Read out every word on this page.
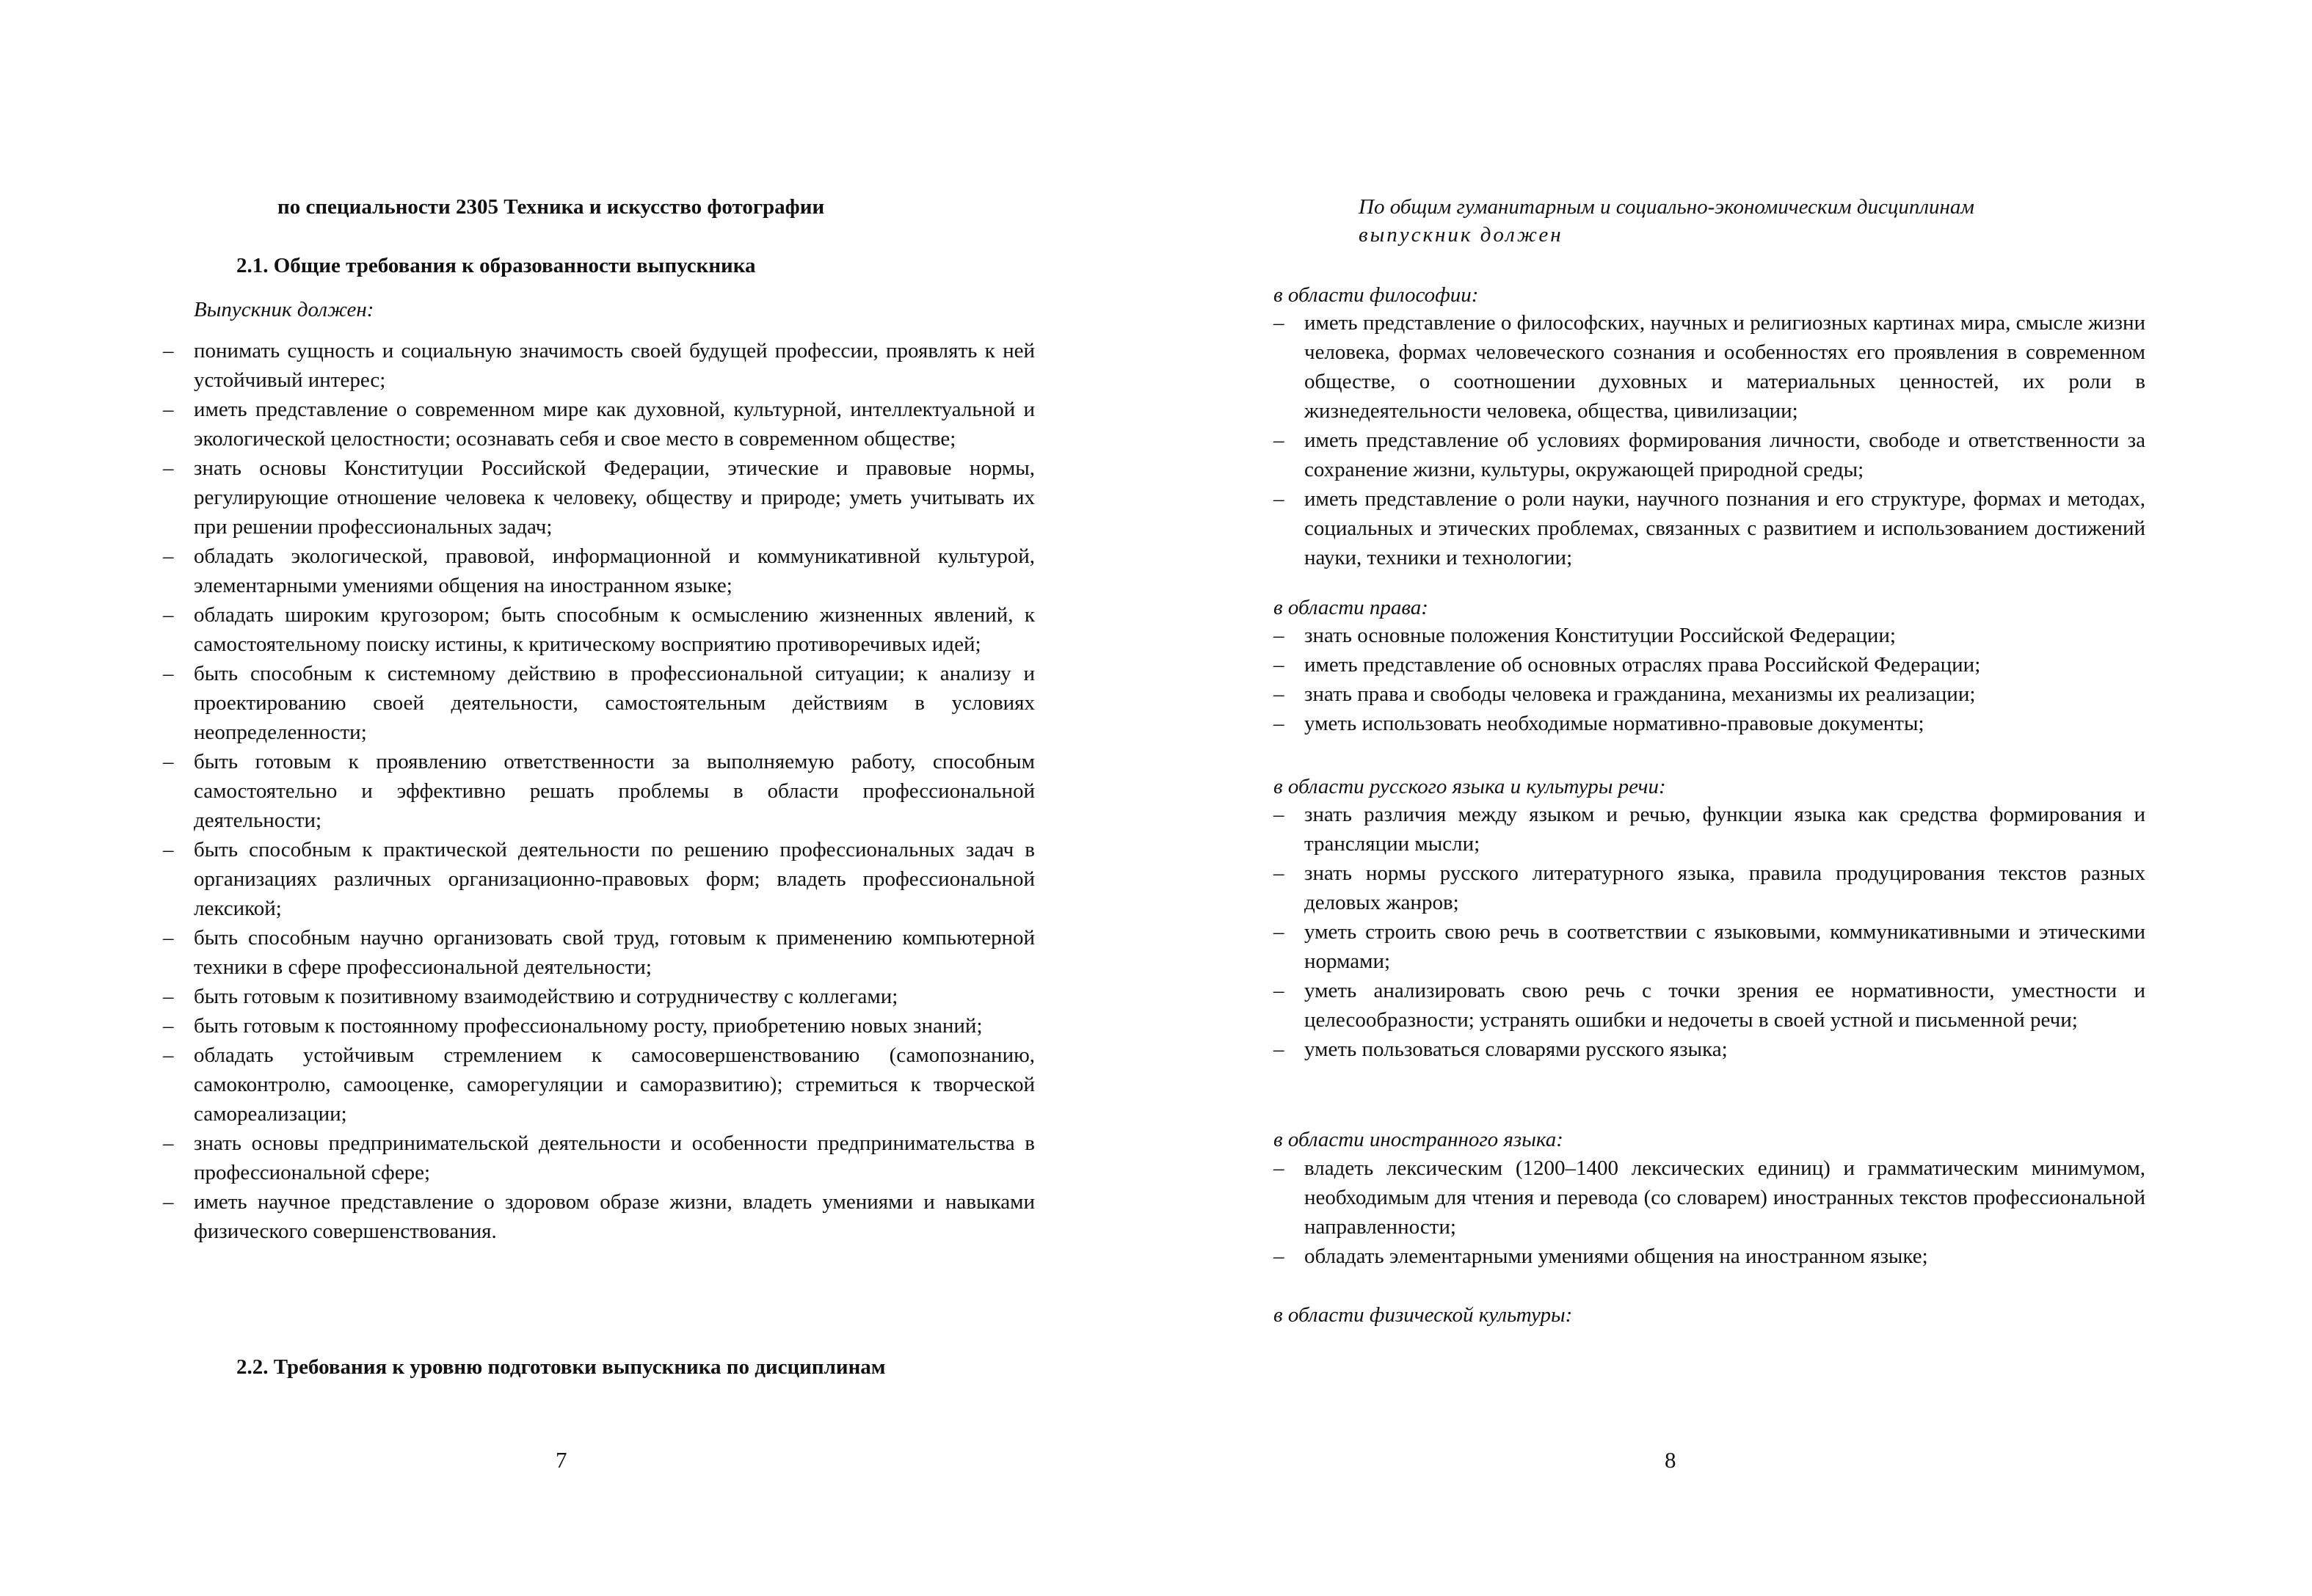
по специальности 2305 Техника и искусство фотографии
2.1. Общие требования к образованности выпускника
Выпускник должен:
– понимать сущность и социальную значимость своей будущей профессии, проявлять к ней устойчивый интерес;
– иметь представление о современном мире как духовной, культурной, интеллектуальной и экологической целостности; осознавать себя и свое место в современном обществе;
– знать основы Конституции Российской Федерации, этические и правовые нормы, регулирующие отношение человека к человеку, обществу и природе; уметь учитывать их при решении профессиональных задач;
– обладать экологической, правовой, информационной и коммуникативной культурой, элементарными умениями общения на иностранном языке;
– обладать широким кругозором; быть способным к осмыслению жизненных явлений, к самостоятельному поиску истины, к критическому восприятию противоречивых идей;
– быть способным к системному действию в профессиональной ситуации; к анализу и проектированию своей деятельности, самостоятельным действиям в условиях неопределенности;
– быть готовым к проявлению ответственности за выполняемую работу, способным самостоятельно и эффективно решать проблемы в области профессиональной деятельности;
– быть способным к практической деятельности по решению профессиональных задач в организациях различных организационно-правовых форм; владеть профессиональной лексикой;
– быть способным научно организовать свой труд, готовым к применению компьютерной техники в сфере профессиональной деятельности;
– быть готовым к позитивному взаимодействию и сотрудничеству с коллегами;
– быть готовым к постоянному профессиональному росту, приобретению новых знаний;
– обладать устойчивым стремлением к самосовершенствованию (самопознанию, самоконтролю, самооценке, саморегуляции и саморазвитию); стремиться к творческой самореализации;
– знать основы предпринимательской деятельности и особенности предпринимательства в профессиональной сфере;
– иметь научное представление о здоровом образе жизни, владеть умениями и навыками физического совершенствования.
2.2. Требования к уровню подготовки выпускника по дисциплинам
7
По общим гуманитарным и социально-экономическим дисциплинам
выпускник должен
в области философии:
– иметь представление о философских, научных и религиозных картинах мира, смысле жизни человека, формах человеческого сознания и особенностях его проявления в современном обществе, о соотношении духовных и материальных ценностей, их роли в жизнедеятельности человека, общества, цивилизации;
– иметь представление об условиях формирования личности, свободе и ответственности за сохранение жизни, культуры, окружающей природной среды;
– иметь представление о роли науки, научного познания и его структуре, формах и методах, социальных и этических проблемах, связанных с развитием и использованием достижений науки, техники и технологии;
в области права:
– знать основные положения Конституции Российской Федерации;
– иметь представление об основных отраслях права Российской Федерации;
– знать права и свободы человека и гражданина, механизмы их реализации;
– уметь использовать необходимые нормативно-правовые документы;
в области русского языка и культуры речи:
– знать различия между языком и речью, функции языка как средства формирования и трансляции мысли;
– знать нормы русского литературного языка, правила продуцирования текстов разных деловых жанров;
– уметь строить свою речь в соответствии с языковыми, коммуникативными и этическими нормами;
– уметь анализировать свою речь с точки зрения ее нормативности, уместности и целесообразности; устранять ошибки и недочеты в своей устной и письменной речи;
– уметь пользоваться словарями русского языка;
в области иностранного языка:
– владеть лексическим (1200–1400 лексических единиц) и грамматическим минимумом, необходимым для чтения и перевода (со словарем) иностранных текстов профессиональной направленности;
– обладать элементарными умениями общения на иностранном языке;
в области физической культуры:
8
